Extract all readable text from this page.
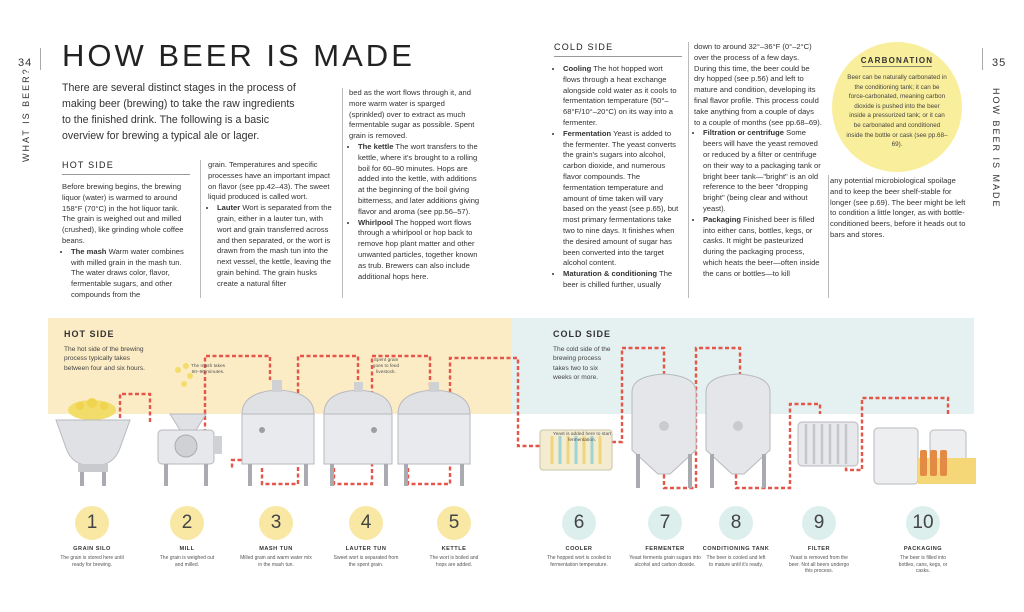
34	35
WHAT IS BEER?	HOW BEER IS MADE
HOW BEER IS MADE
There are several distinct stages in the process of making beer (brewing) to take the raw ingredients to the finished drink. The following is a basic overview for brewing a typical ale or lager.
HOT SIDE

Before brewing begins, the brewing liquor (water) is warmed to around 158°F (70°C) in the hot liquor tank. The grain is weighed out and milled (crushed), like grinding whole coffee beans.

• The mash Warm water combines with milled grain in the mash tun. The water draws color, flavor, fermentable sugars, and other compounds from the

grain. Temperatures and specific processes have an important impact on flavor (see pp.42–43). The sweet liquid produced is called wort.

• Lauter Wort is separated from the grain, either in a lauter tun, with wort and grain transferred across and then separated, or the wort is drawn from the mash tun into the next vessel, the kettle, leaving the grain behind. The grain husks create a natural filter

bed as the wort flows through it, and more warm water is sparged (sprinkled) over to extract as much fermentable sugar as possible. Spent grain is removed.

• The kettle The wort transfers to the kettle, where it's brought to a rolling boil for 60–90 minutes. Hops are added into the kettle, with additions at the beginning of the boil giving bitterness, and later additions giving flavor and aroma (see pp.56–57).
• Whirlpool The hopped wort flows through a whirlpool or hop back to remove hop plant matter and other unwanted particles, together known as trub. Brewers can also include additional hops here.
COLD SIDE
• Cooling The hot hopped wort flows through a heat exchange alongside cold water as it cools to fermentation temperature (50°–68°F/10°–20°C) on its way into a fermenter.
• Fermentation Yeast is added to the fermenter. The yeast converts the grain's sugars into alcohol, carbon dioxide, and numerous flavor compounds. The fermentation temperature and amount of time taken will vary based on the yeast (see p.65), but most primary fermentations take two to nine days. It finishes when the desired amount of sugar has been converted into the target alcohol content.
• Maturation & conditioning The beer is chilled further, usually

down to around 32°–36°F (0°–2°C) over the process of a few days. During this time, the beer could be dry hopped (see p.56) and left to mature and condition, developing its final flavor profile. This process could take anything from a couple of days to a couple of months (see pp.68–69).

• Filtration or centrifuge Some beers will have the yeast removed or reduced by a filter or centrifuge on their way to a packaging tank or bright beer tank—"bright" is an old reference to the beer "dropping bright" (being clear and without yeast).
• Packaging Finished beer is filled into either cans, bottles, kegs, or casks. It might be pasteurized during the packaging process, which heats the beer—often inside the cans or bottles—to kill

any potential microbiological spoilage and to keep the beer shelf-stable for longer (see p.69). The beer might be left to condition a little longer, as with bottle-conditioned beers, before it heads out to bars and stores.

CARBONATION
Beer can be naturally carbonated in the conditioning tank; it can be force-carbonated, meaning carbon dioxide is pushed into the beer inside a pressurized tank; or it can be carbonated and conditioned inside the bottle or cask (see pp.68–69).
HOT SIDE
The hot side of the brewing process typically takes between four and six hours.
COLD SIDE
The cold side of the brewing process takes two to six weeks or more.
The mash takes 60–90 minutes.
Spent grain goes to feed livestock.
Yeast is added here to start fermentation.
1	2	3	4	5	6	7	8	9	10
GRAIN SILO	MILL	MASH TUN	LAUTER TUN	KETTLE	COOLER	FERMENTER	CONDITIONING TANK	FILTER	PACKAGING
The grain is stored here until ready for brewing.
The grain is weighed out and milled.
Milled grain and warm water mix in the mash tun.
Sweet wort is separated from the spent grain.
The wort is boiled and hops are added.
The hopped wort is cooled to fermentation temperature.
Yeast ferments grain sugars into alcohol and carbon dioxide.
The beer is cooled and left to mature until it's ready.
Yeast is removed from the beer. Not all beers undergo this process.
The beer is filled into bottles, cans, kegs, or casks.
